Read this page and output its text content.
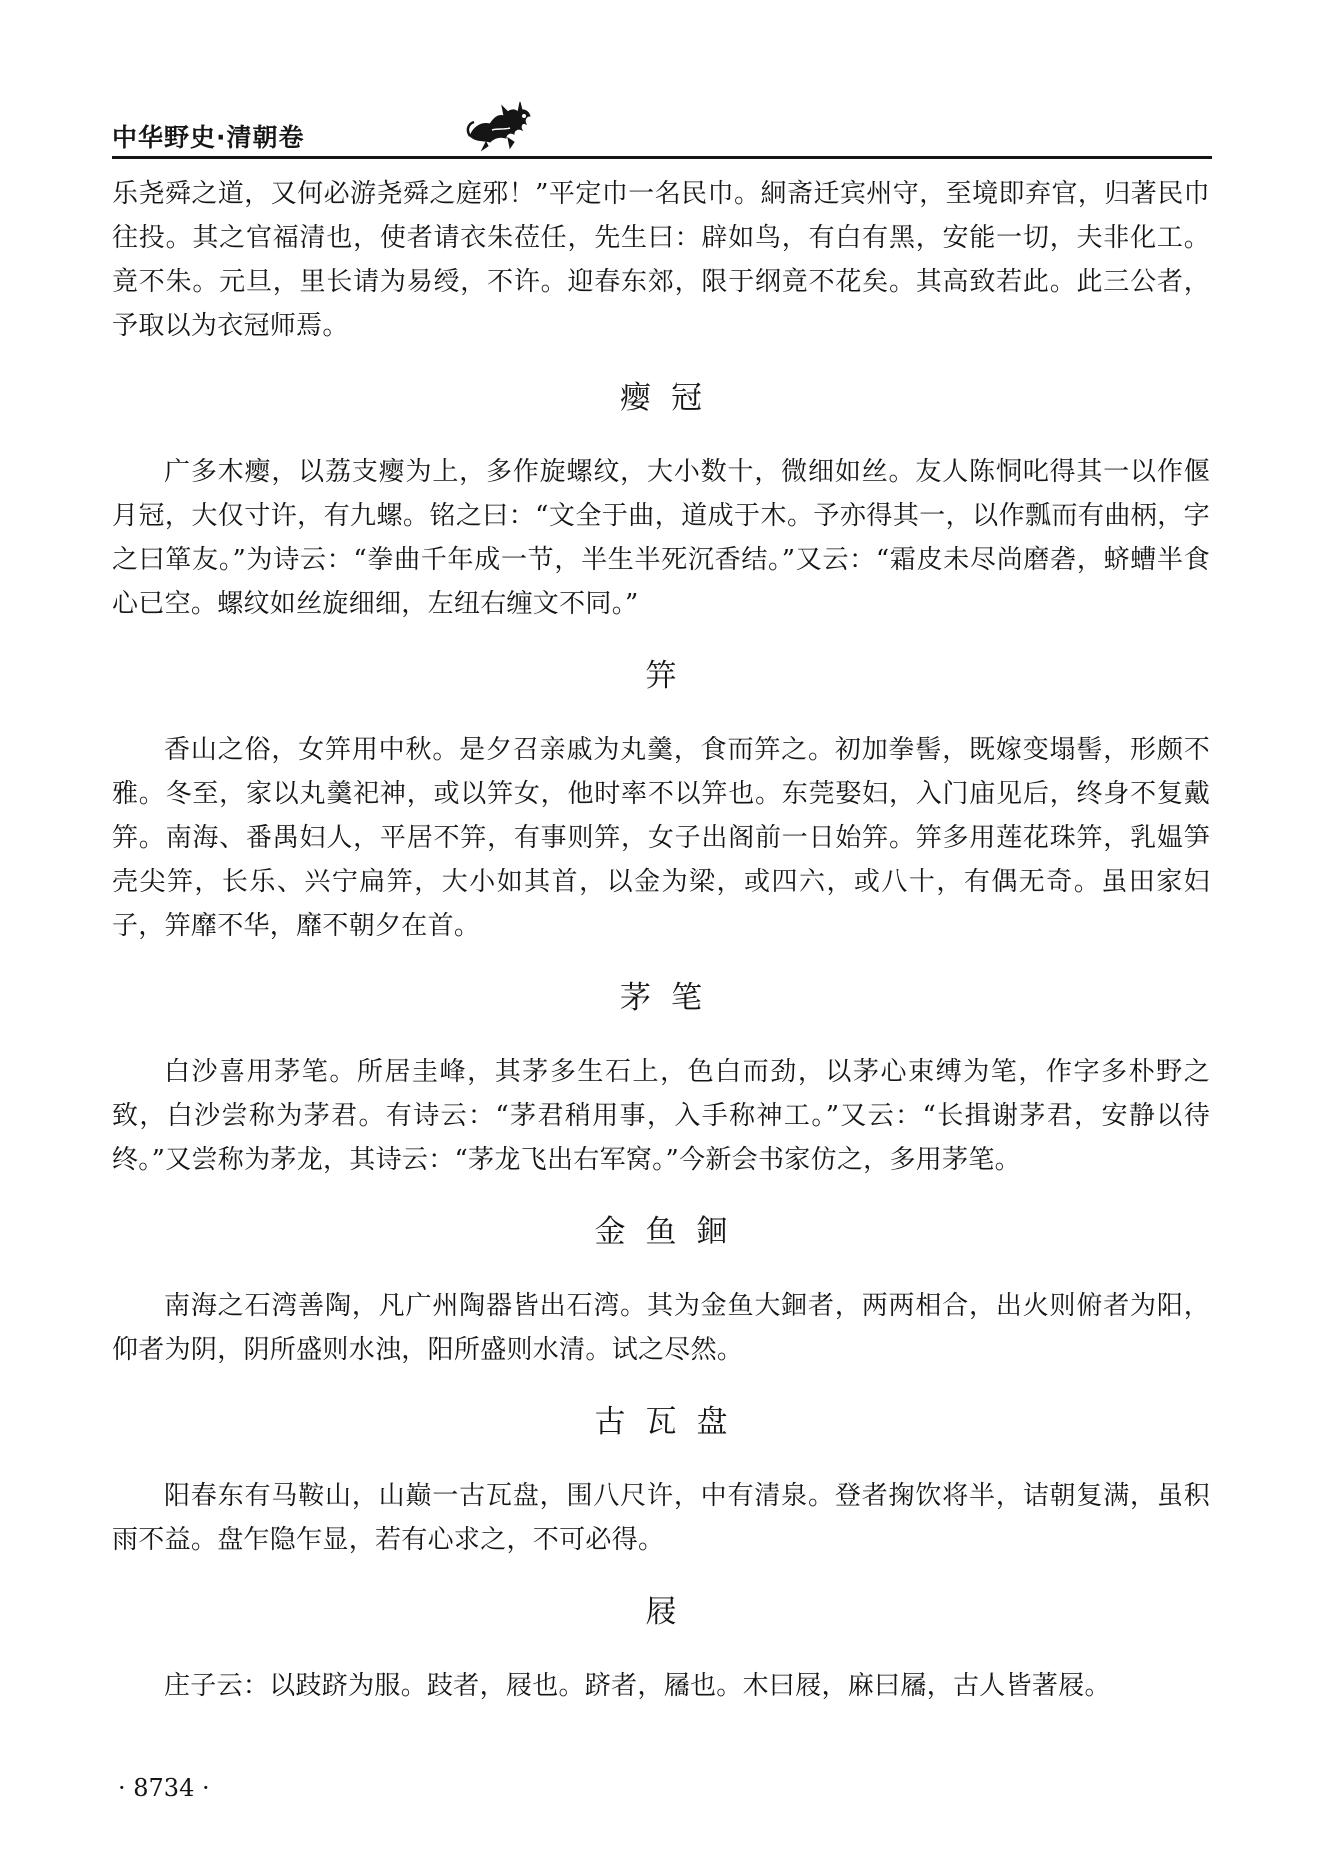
中华野史·清朝卷

乐尧舜之道，又何必游尧舜之庭邪！”平定巾一名民巾。絅斋迁宾州守，至境即弃官，归著民巾往投。其之官福清也，使者请衣朱莅任，先生曰：辟如鸟，有白有黑，安能一切，夫非化工。竟不朱。元旦，里长请为易绶，不许。迎春东郊，限于纲竟不花矣。其高致若此。此三公者，予取以为衣冠师焉。

瘿冠

广多木瘿，以荔支瘿为上，多作旋螺纹，大小数十，微细如丝。友人陈恫叱得其一以作偃月冠，大仅寸许，有九螺。铭之曰：“文全于曲，道成于木。予亦得其一，以作瓢而有曲柄，字之曰箪友。”为诗云：“拳曲千年成一节，半生半死沉香结。”又云：“霜皮未尽尚磨砻，蛴螬半食心已空。螺纹如丝旋细细，左纽右缠文不同。”

笄

香山之俗，女笄用中秋。是夕召亲戚为丸羹，食而笄之。初加拳髻，既嫁变塌髻，形颇不雅。冬至，家以丸羹祀神，或以笄女，他时率不以笄也。东莞娶妇，入门庙见后，终身不复戴笄。南海、番禺妇人，平居不笄，有事则笄，女子出阁前一日始笄。笄多用莲花珠笄，乳媪笋壳尖笄，长乐、兴宁扁笄，大小如其首，以金为梁，或四六，或八十，有偶无奇。虽田家妇子，笄靡不华，靡不朝夕在首。

茅笔

白沙喜用茅笔。所居圭峰，其茅多生石上，色白而劲，以茅心束缚为笔，作字多朴野之致，白沙尝称为茅君。有诗云：“茅君稍用事，入手称神工。”又云：“长揖谢茅君，安静以待终。”又尝称为茅龙，其诗云：“茅龙飞出右军窝。”今新会书家仿之，多用茅笔。

金鱼䤧

南海之石湾善陶，凡广州陶器皆出石湾。其为金鱼大䤧者，两两相合，出火则俯者为阳，仰者为阴，阴所盛则水浊，阳所盛则水清。试之尽然。

古瓦盘

阳春东有马鞍山，山巅一古瓦盘，围八尺许，中有清泉。登者掬饮将半，诘朝复满，虽积雨不益。盘乍隐乍显，若有心求之，不可必得。

屐

庄子云：以跂跻为服。跂者，屐也。跻者，屩也。木曰屐，麻曰屩，古人皆著屐。

· 8734 ·
